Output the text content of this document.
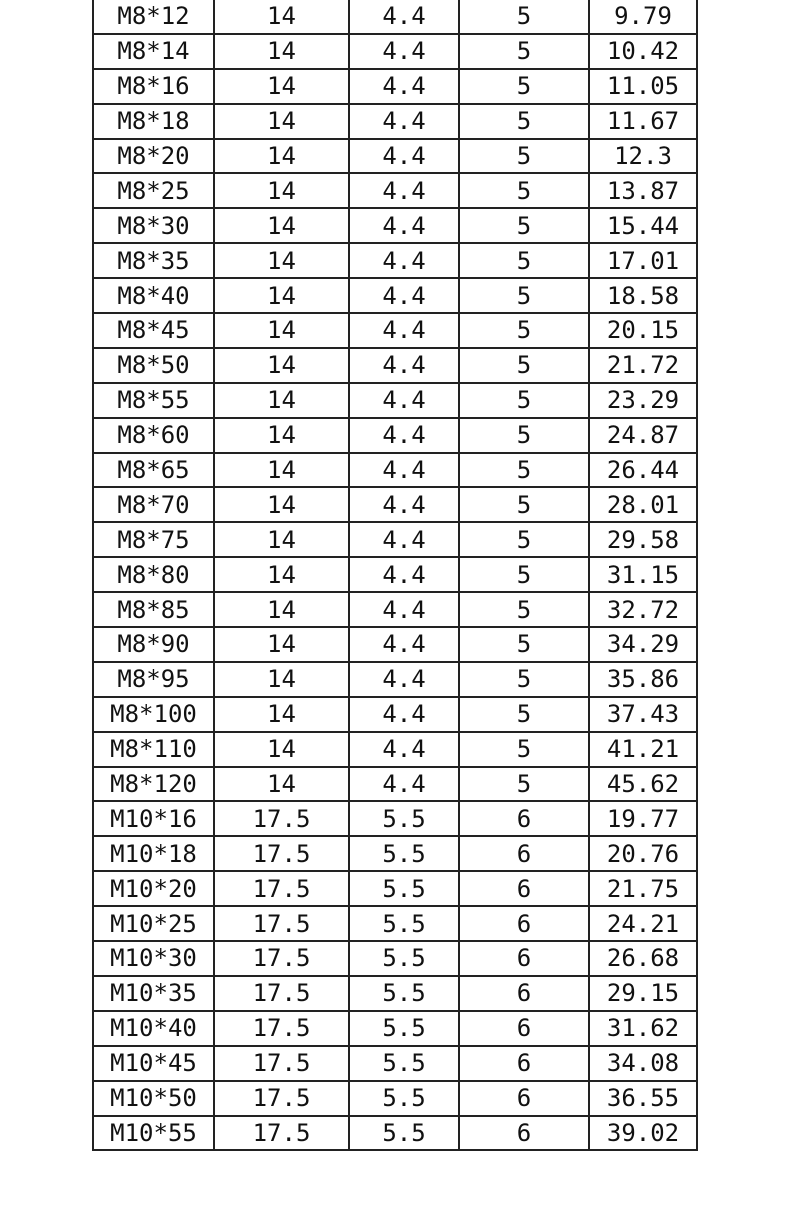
M8*12	14	4.4	5	9.79
M8*14	14	4.4	5	10.42
M8*16	14	4.4	5	11.05
M8*18	14	4.4	5	11.67
M8*20	14	4.4	5	12.3
M8*25	14	4.4	5	13.87
M8*30	14	4.4	5	15.44
M8*35	14	4.4	5	17.01
M8*40	14	4.4	5	18.58
M8*45	14	4.4	5	20.15
M8*50	14	4.4	5	21.72
M8*55	14	4.4	5	23.29
M8*60	14	4.4	5	24.87
M8*65	14	4.4	5	26.44
M8*70	14	4.4	5	28.01
M8*75	14	4.4	5	29.58
M8*80	14	4.4	5	31.15
M8*85	14	4.4	5	32.72
M8*90	14	4.4	5	34.29
M8*95	14	4.4	5	35.86
M8*100	14	4.4	5	37.43
M8*110	14	4.4	5	41.21
M8*120	14	4.4	5	45.62
M10*16	17.5	5.5	6	19.77
M10*18	17.5	5.5	6	20.76
M10*20	17.5	5.5	6	21.75
M10*25	17.5	5.5	6	24.21
M10*30	17.5	5.5	6	26.68
M10*35	17.5	5.5	6	29.15
M10*40	17.5	5.5	6	31.62
M10*45	17.5	5.5	6	34.08
M10*50	17.5	5.5	6	36.55
M10*55	17.5	5.5	6	39.02
